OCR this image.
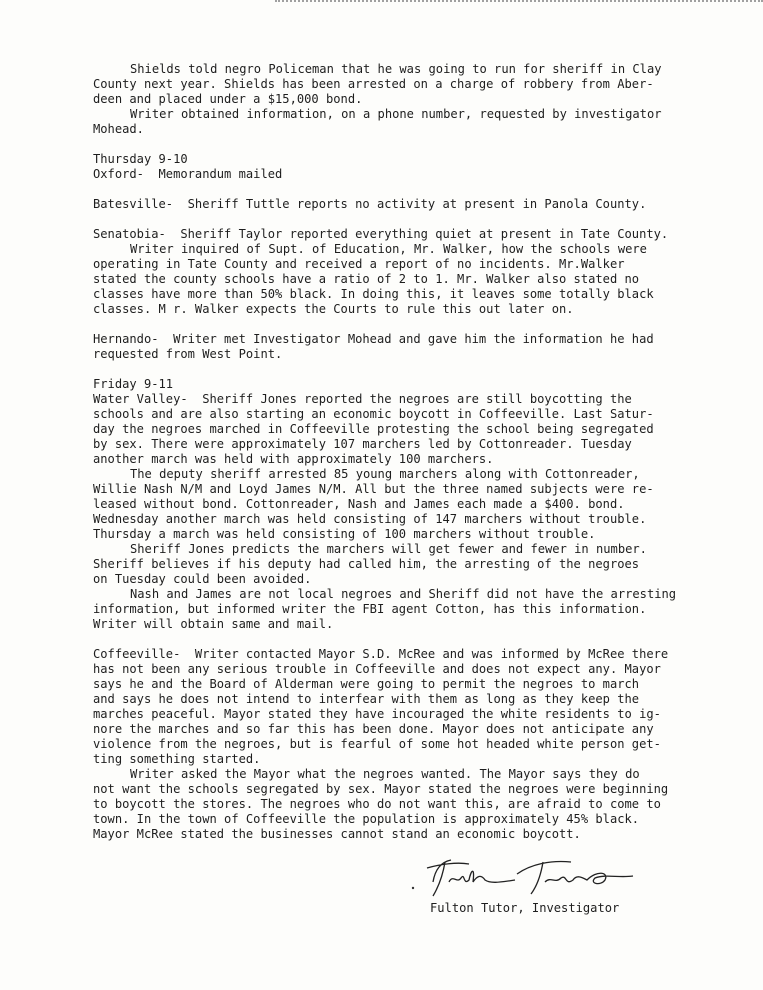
Shields told negro Policeman that he was going to run for sheriff in Clay
County next year. Shields has been arrested on a charge of robbery from Aber-
deen and placed under a $15,000 bond.
Writer obtained information, on a phone number, requested by investigator
Mohead.
Thursday 9-10
Oxford-  Memorandum mailed
Batesville-  Sheriff Tuttle reports no activity at present in Panola County.
Senatobia-  Sheriff Taylor reported everything quiet at present in Tate County.
Writer inquired of Supt. of Education, Mr. Walker, how the schools were
operating in Tate County and received a report of no incidents. Mr.Walker
stated the county schools have a ratio of 2 to 1. Mr. Walker also stated no
classes have more than 50% black. In doing this, it leaves some totally black
classes. M r. Walker expects the Courts to rule this out later on.
Hernando-  Writer met Investigator Mohead and gave him the information he had
requested from West Point.
Friday 9-11
Water Valley-  Sheriff Jones reported the negroes are still boycotting the
schools and are also starting an economic boycott in Coffeeville. Last Satur-
day the negroes marched in Coffeeville protesting the school being segregated
by sex. There were approximately 107 marchers led by Cottonreader. Tuesday
another march was held with approximately 100 marchers.
The deputy sheriff arrested 85 young marchers along with Cottonreader,
Willie Nash N/M and Loyd James N/M. All but the three named subjects were re-
leased without bond. Cottonreader, Nash and James each made a $400. bond.
Wednesday another march was held consisting of 147 marchers without trouble.
Thursday a march was held consisting of 100 marchers without trouble.
Sheriff Jones predicts the marchers will get fewer and fewer in number.
Sheriff believes if his deputy had called him, the arresting of the negroes
on Tuesday could been avoided.
Nash and James are not local negroes and Sheriff did not have the arresting
information, but informed writer the FBI agent Cotton, has this information.
Writer will obtain same and mail.
Coffeeville-  Writer contacted Mayor S.D. McRee and was informed by McRee there
has not been any serious trouble in Coffeeville and does not expect any. Mayor
says he and the Board of Alderman were going to permit the negroes to march
and says he does not intend to interfear with them as long as they keep the
marches peaceful. Mayor stated they have incouraged the white residents to ig-
nore the marches and so far this has been done. Mayor does not anticipate any
violence from the negroes, but is fearful of some hot headed white person get-
ting something started.
Writer asked the Mayor what the negroes wanted. The Mayor says they do
not want the schools segregated by sex. Mayor stated the negroes were beginning
to boycott the stores. The negroes who do not want this, are afraid to come to
town. In the town of Coffeeville the population is approximately 45% black.
Mayor McRee stated the businesses cannot stand an economic boycott.
Fulton Tutor, Investigator
